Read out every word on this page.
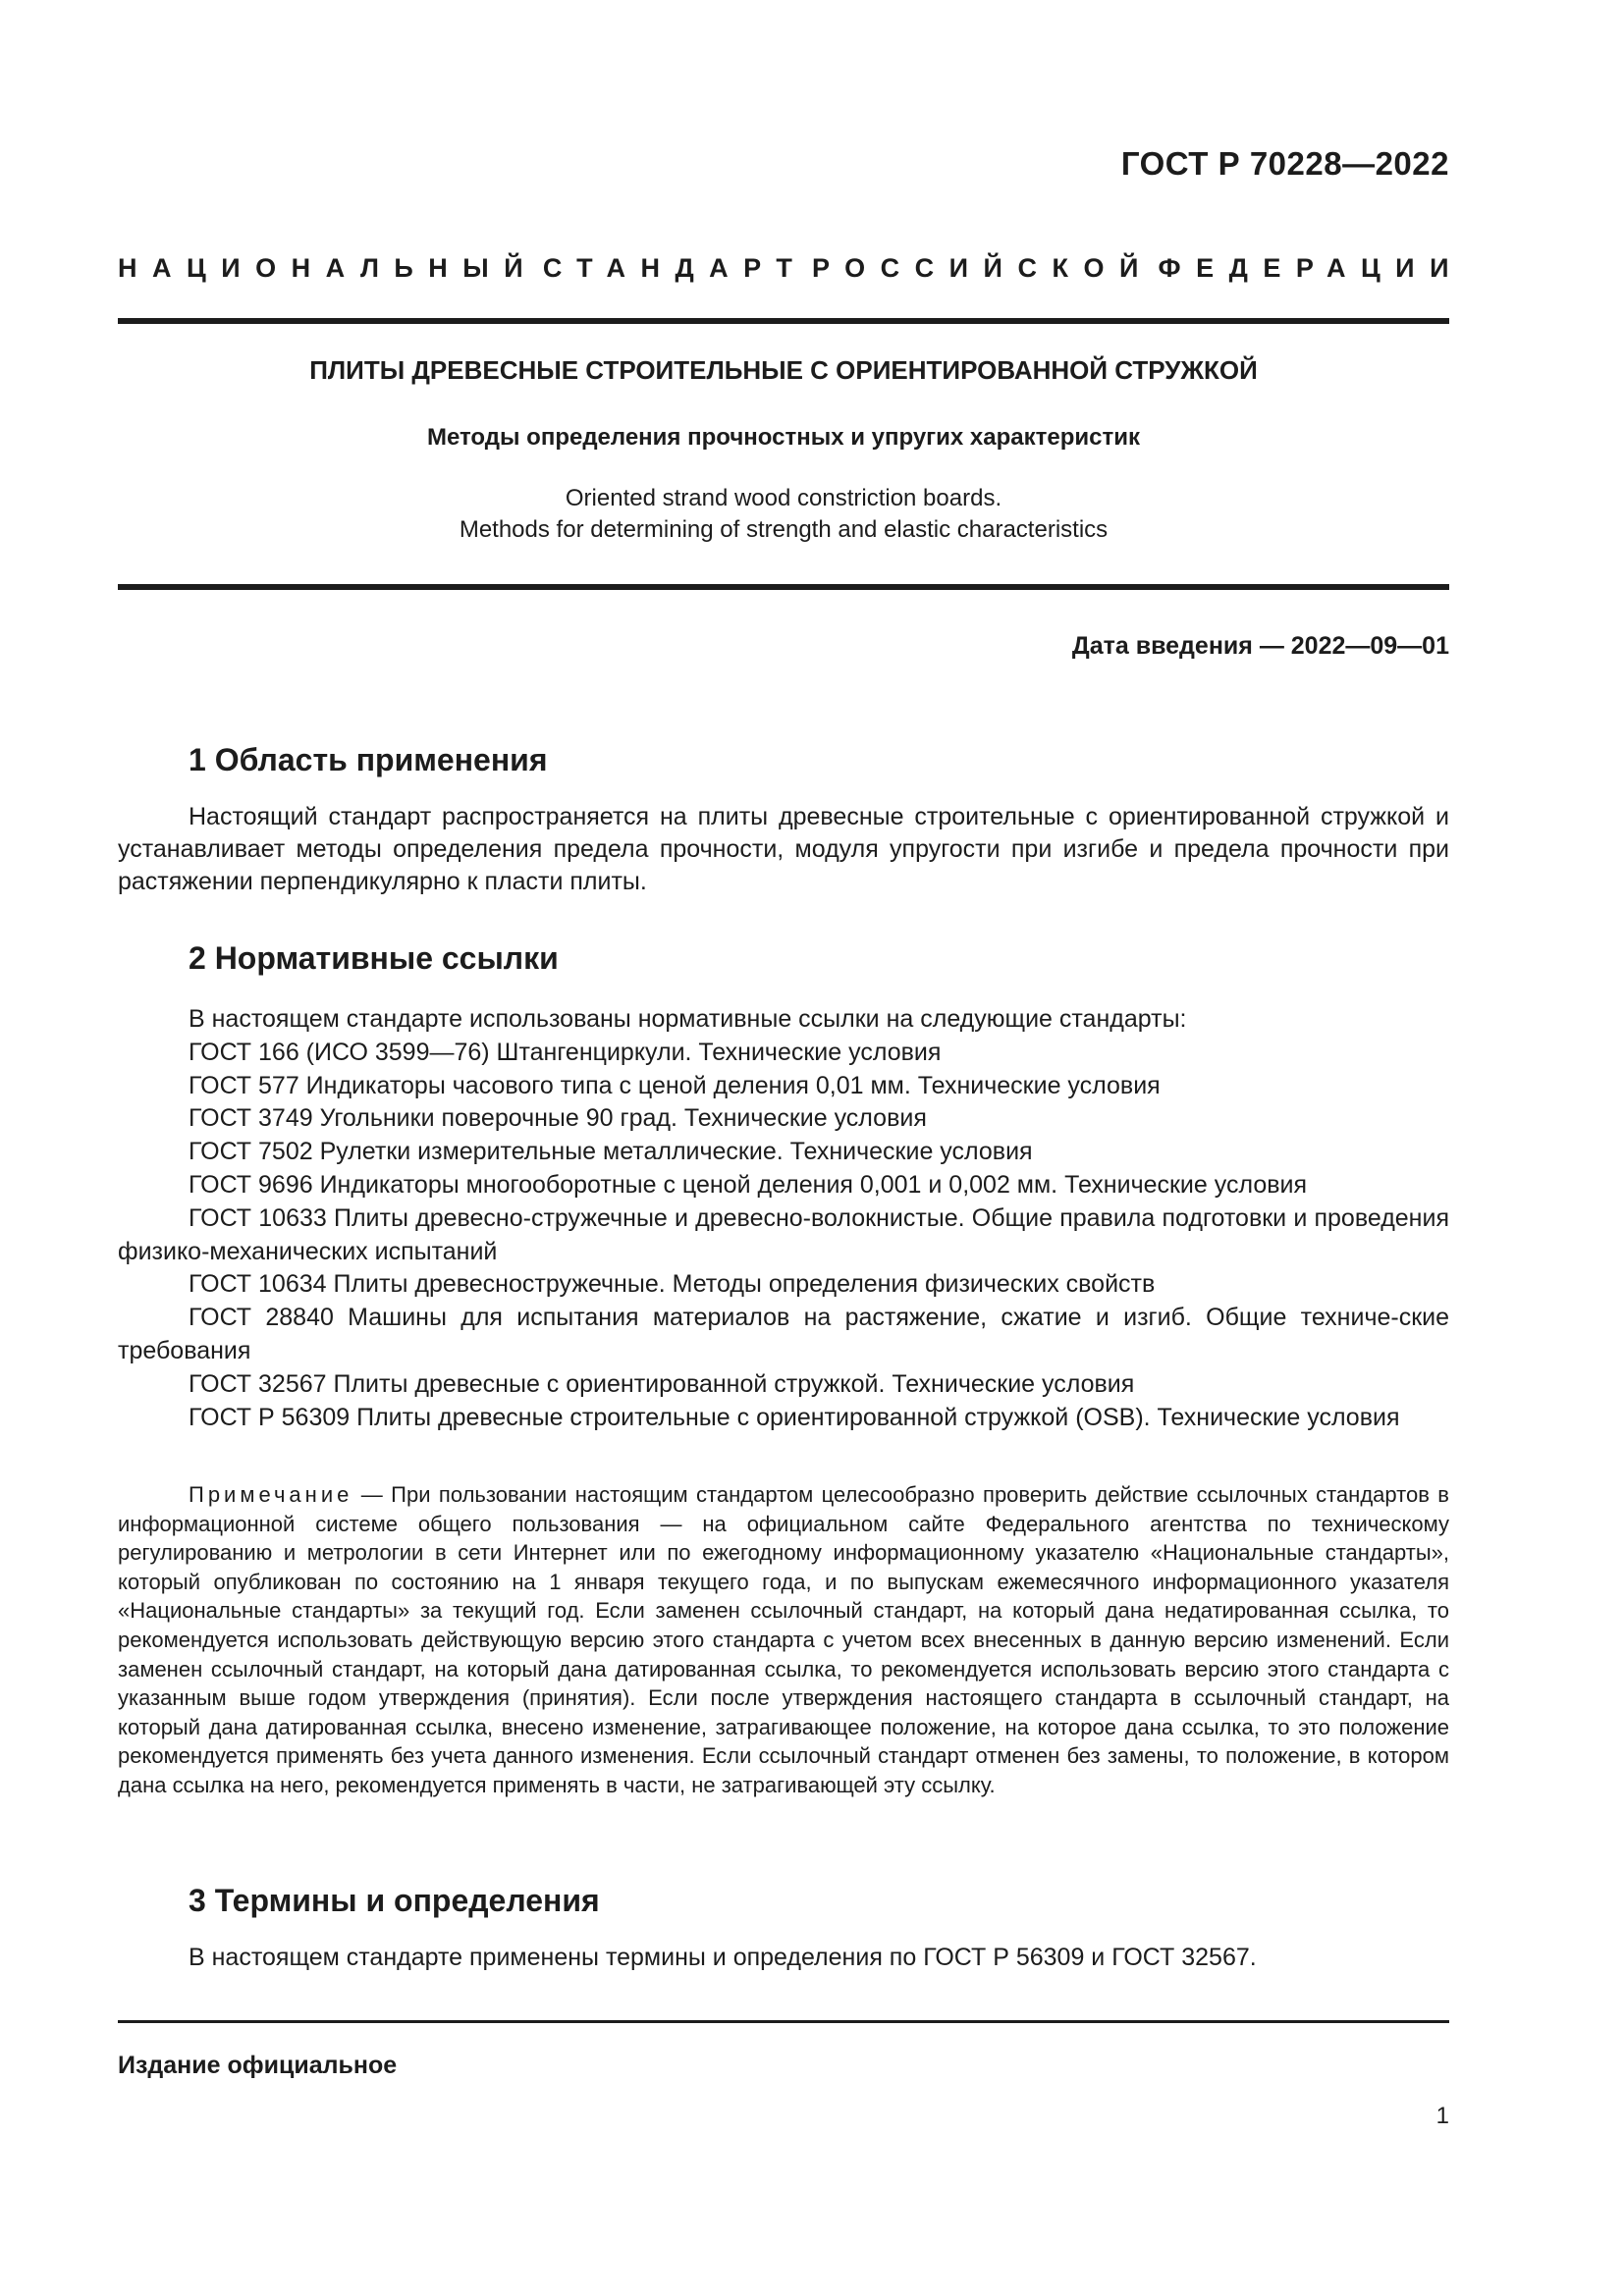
ГОСТ Р 70228—2022
НАЦИОНАЛЬНЫЙ СТАНДАРТ РОССИЙСКОЙ ФЕДЕРАЦИИ
ПЛИТЫ ДРЕВЕСНЫЕ СТРОИТЕЛЬНЫЕ С ОРИЕНТИРОВАННОЙ СТРУЖКОЙ
Методы определения прочностных и упругих характеристик
Oriented strand wood constriction boards.
Methods for determining of strength and elastic characteristics
Дата введения — 2022—09—01
1 Область применения

Настоящий стандарт распространяется на плиты древесные строительные с ориентированной стружкой и устанавливает методы определения предела прочности, модуля упругости при изгибе и предела прочности при растяжении перпендикулярно к пласти плиты.

2 Нормативные ссылки
В настоящем стандарте использованы нормативные ссылки на следующие стандарты:
ГОСТ 166 (ИСО 3599—76) Штангенциркули. Технические условия
ГОСТ 577 Индикаторы часового типа с ценой деления 0,01 мм. Технические условия
ГОСТ 3749 Угольники поверочные 90 град. Технические условия
ГОСТ 7502 Рулетки измерительные металлические. Технические условия
ГОСТ 9696 Индикаторы многооборотные с ценой деления 0,001 и 0,002 мм. Технические условия
ГОСТ 10633 Плиты древесно-стружечные и древесно-волокнистые. Общие правила подготовки и проведения физико-механических испытаний
ГОСТ 10634 Плиты древесностружечные. Методы определения физических свойств
ГОСТ 28840 Машины для испытания материалов на растяжение, сжатие и изгиб. Общие техниче-ские требования
ГОСТ 32567 Плиты древесные с ориентированной стружкой. Технические условия
ГОСТ Р 56309 Плиты древесные строительные с ориентированной стружкой (OSB). Технические условия

Примечание — При пользовании настоящим стандартом целесообразно проверить действие ссылочных стандартов в информационной системе общего пользования — на официальном сайте Федерального агентства по техническому регулированию и метрологии в сети Интернет или по ежегодному информационному указателю «Национальные стандарты», который опубликован по состоянию на 1 января текущего года, и по выпускам ежемесячного информационного указателя «Национальные стандарты» за текущий год. Если заменен ссылочный стандарт, на который дана недатированная ссылка, то рекомендуется использовать действующую версию этого стандарта с учетом всех внесенных в данную версию изменений. Если заменен ссылочный стандарт, на который дана датированная ссылка, то рекомендуется использовать версию этого стандарта с указанным выше годом утверждения (принятия). Если после утверждения настоящего стандарта в ссылочный стандарт, на который дана датированная ссылка, внесено изменение, затрагивающее положение, на которое дана ссылка, то это положение рекомендуется применять без учета данного изменения. Если ссылочный стандарт отменен без замены, то положение, в котором дана ссылка на него, рекомендуется применять в части, не затрагивающей эту ссылку.

3 Термины и определения

В настоящем стандарте применены термины и определения по ГОСТ Р 56309 и ГОСТ 32567.

Издание официальное
1
